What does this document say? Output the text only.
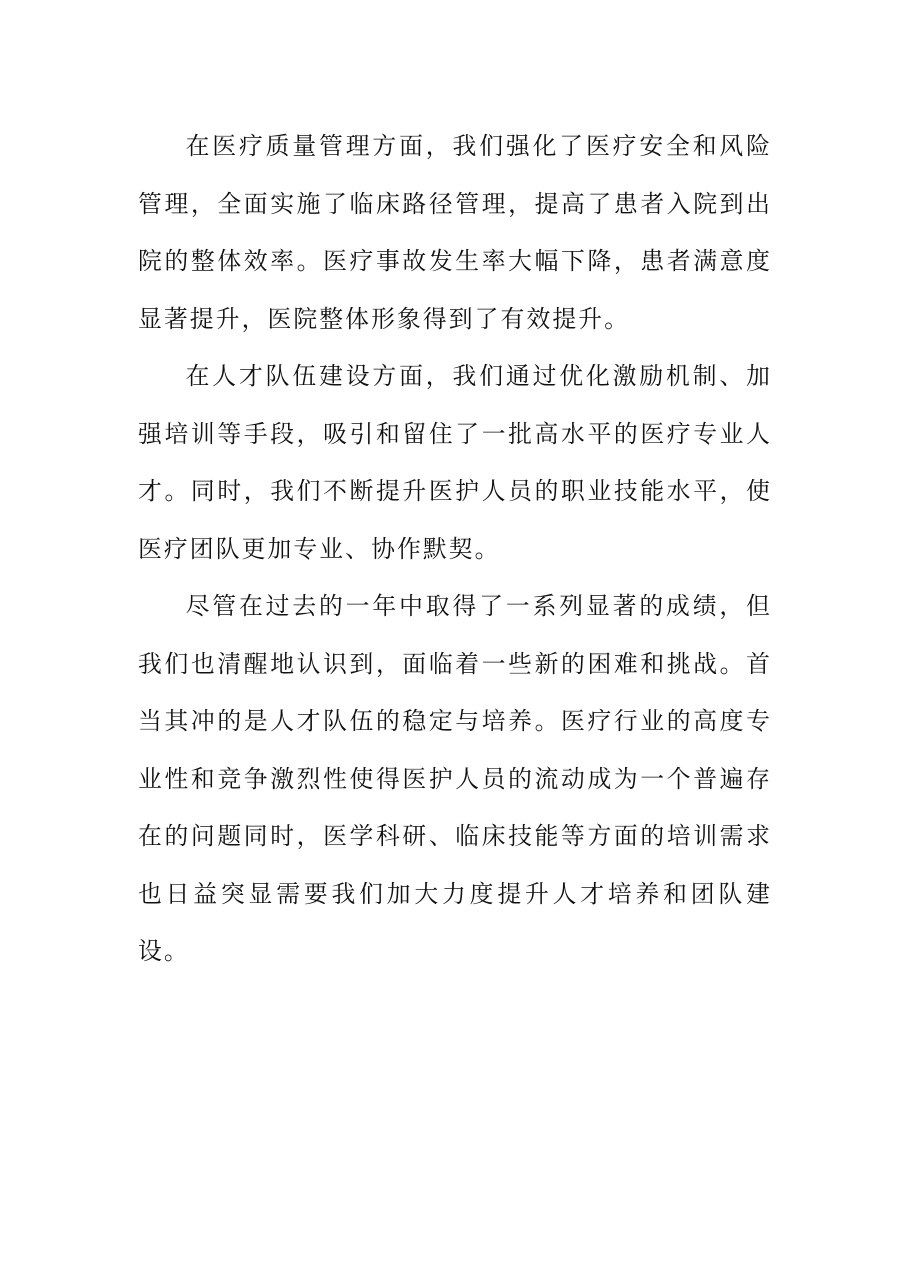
在医疗质量管理方面，我们强化了医疗安全和风险管理，全面实施了临床路径管理，提高了患者入院到出院的整体效率。医疗事故发生率大幅下降，患者满意度显著提升，医院整体形象得到了有效提升。

在人才队伍建设方面，我们通过优化激励机制、加强培训等手段，吸引和留住了一批高水平的医疗专业人才。同时，我们不断提升医护人员的职业技能水平，使医疗团队更加专业、协作默契。

尽管在过去的一年中取得了一系列显著的成绩，但我们也清醒地认识到，面临着一些新的困难和挑战。首当其冲的是人才队伍的稳定与培养。医疗行业的高度专业性和竞争激烈性使得医护人员的流动成为一个普遍存在的问题同时，医学科研、临床技能等方面的培训需求也日益突显需要我们加大力度提升人才培养和团队建设。
